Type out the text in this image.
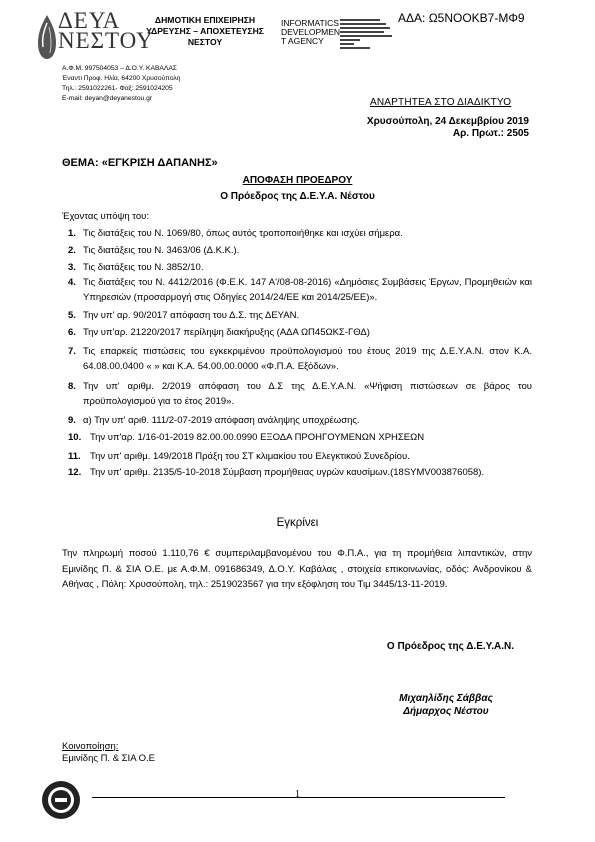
ΑΔΑ: Ω5ΝΟΟΚΒ7-ΜΦ9
ΔΕΥΑ ΝΕΣΤΟΥ
ΔΗΜΟΤΙΚΗ ΕΠΙΧΕΙΡΗΣΗ
ΥΔΡΕΥΣΗΣ – ΑΠΟΧΕΤΕΥΣΗΣ
ΝΕΣΤΟΥ
INFORMATICS
DEVELOPMEN
T AGENCY
Α.Φ.Μ. 997504053 – Δ.Ο.Υ. ΚΑΒΑΛΑΣ
Έναντι Προφ. Ηλία, 64200 Χρυσούπολη
Τηλ.: 2591022261- Φαξ: 2591024205
E-mail: deyan@deyanestou.gr	ΑΝΑΡΤΗΤΕΑ ΣΤΟ ΔΙΑΔΙΚΤΥΟ
Χρυσούπολη, 24 Δεκεμβρίου 2019
Αρ. Πρωτ.: 2505
ΘΕΜΑ: «ΕΓΚΡΙΣΗ ΔΑΠΑΝΗΣ»
ΑΠΟΦΑΣΗ ΠΡΟΕΔΡΟΥ
Ο Πρόεδρος της Δ.Ε.Υ.Α. Νέστου
Έχοντας υπόψη του:
1. Τις διατάξεις του Ν. 1069/80, όπως αυτός τροποποιήθηκε και ισχύει σήμερα.
2. Τις διατάξεις του Ν. 3463/06 (Δ.Κ.Κ.).
3. Τις διατάξεις του Ν. 3852/10.
4. Τις διατάξεις του Ν. 4412/2016 (Φ.Ε.Κ. 147 Α'/08-08-2016) «Δημόσιες Συμβάσεις Έργων, Προμηθειών και Υπηρεσιών (προσαρμογή στις Οδηγίες 2014/24/ΕΕ και 2014/25/ΕΕ)».
5. Την υπ' αρ. 90/2017 απόφαση του Δ.Σ. της ΔΕΥΑΝ.
6. Την υπ'αρ. 21220/2017 περίληψη διακήρυξης (ΑΔΑ ΩΠ45ΩΚΣ-ΓΘΔ)
7. Τις επαρκείς πιστώσεις του εγκεκριμένου προϋπολογισμού του έτους 2019 της Δ.Ε.Υ.Α.Ν. στον Κ.Α. 64.08.00.0400 « » και Κ.Α. 54.00.00.0000 «Φ.Π.Α. Εξόδων».
8. Την υπ' αριθμ. 2/2019 απόφαση του Δ.Σ της Δ.Ε.Υ.Α.Ν. «Ψήφιση πιστώσεων σε βάρος του προϋπολογισμού για το έτος 2019».
9. α) Την υπ' αριθ. 111/2-07-2019 απόφαση ανάληψης υποχρέωσης.
10. Την υπ'αρ. 1/16-01-2019 82.00.00.0990 ΕΞΟΔΑ ΠΡΟΗΓΟΥΜΕΝΩΝ ΧΡΗΣΕΩΝ
11. Την υπ' αριθμ. 149/2018 Πράξη του ΣΤ κλιμακίου του Ελεγκτικού Συνεδρίου.
12. Την υπ' αριθμ. 2135/5-10-2018 Σύμβαση προμήθειας υγρών καυσίμων.(18SYMV003876058).
Εγκρίνει
Την πληρωμή ποσού 1.110,76 € συμπεριλαμβανομένου του Φ.Π.Α., για τη προμήθεια λιπαντικών, στην Εμινίδης Π. & ΣΙΑ Ο.Ε. με Α.Φ.Μ. 091686349, Δ.Ο.Υ. Καβάλας , στοιχεία επικοινωνίας, οδός: Ανδρονίκου & Αθήνας , Πόλη: Χρυσούπολη, τηλ.: 2519023567 για την εξόφληση του Τιμ 3445/13-11-2019.
Ο Πρόεδρος της Δ.Ε.Υ.Α.Ν.
Μιχαηλίδης Σάββας
Δήμαρχος Νέστου
Κοινοποίηση:
Εμινίδης Π. & ΣΙΑ Ο.Ε
1
